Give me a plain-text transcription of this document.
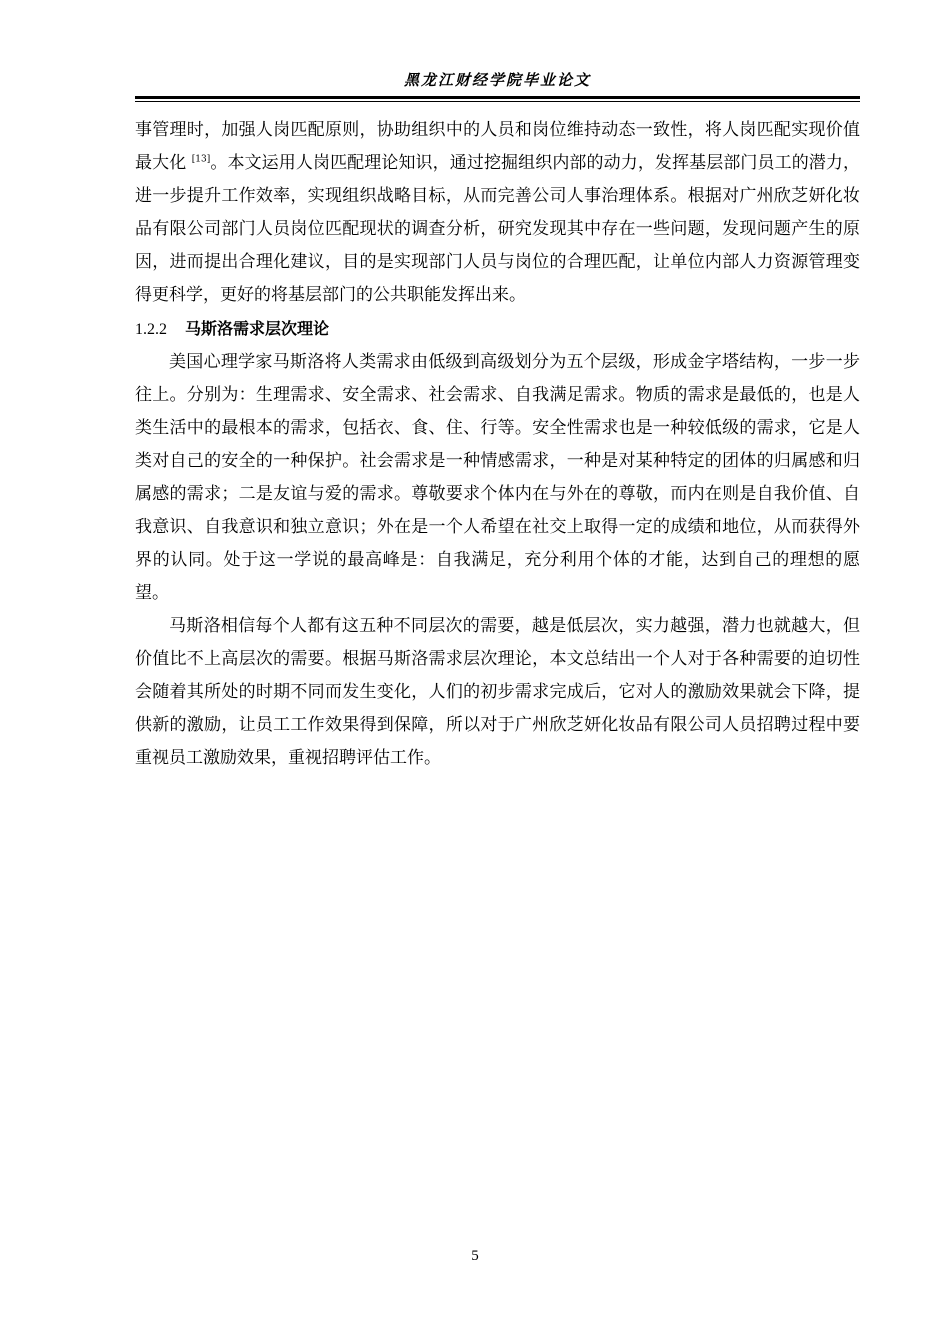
黑龙江财经学院毕业论文

事管理时，加强人岗匹配原则，协助组织中的人员和岗位维持动态一致性，将人岗匹配实现价值最大化 [13]。本文运用人岗匹配理论知识，通过挖掘组织内部的动力，发挥基层部门员工的潜力，进一步提升工作效率，实现组织战略目标，从而完善公司人事治理体系。根据对广州欣芝妍化妆品有限公司部门人员岗位匹配现状的调查分析，研究发现其中存在一些问题，发现问题产生的原因，进而提出合理化建议，目的是实现部门人员与岗位的合理匹配，让单位内部人力资源管理变得更科学，更好的将基层部门的公共职能发挥出来。

1.2.2 马斯洛需求层次理论

美国心理学家马斯洛将人类需求由低级到高级划分为五个层级，形成金字塔结构，一步一步往上。分别为：生理需求、安全需求、社会需求、自我满足需求。物质的需求是最低的，也是人类生活中的最根本的需求，包括衣、食、住、行等。安全性需求也是一种较低级的需求，它是人类对自己的安全的一种保护。社会需求是一种情感需求，一种是对某种特定的团体的归属感和归属感的需求；二是友谊与爱的需求。尊敬要求个体内在与外在的尊敬，而内在则是自我价值、自我意识、自我意识和独立意识；外在是一个人希望在社交上取得一定的成绩和地位，从而获得外界的认同。处于这一学说的最高峰是：自我满足，充分利用个体的才能，达到自己的理想的愿望。

马斯洛相信每个人都有这五种不同层次的需要，越是低层次，实力越强，潜力也就越大，但价值比不上高层次的需要。根据马斯洛需求层次理论，本文总结出一个人对于各种需要的迫切性会随着其所处的时期不同而发生变化，人们的初步需求完成后，它对人的激励效果就会下降，提供新的激励，让员工工作效果得到保障，所以对于广州欣芝妍化妆品有限公司人员招聘过程中要重视员工激励效果，重视招聘评估工作。

5
